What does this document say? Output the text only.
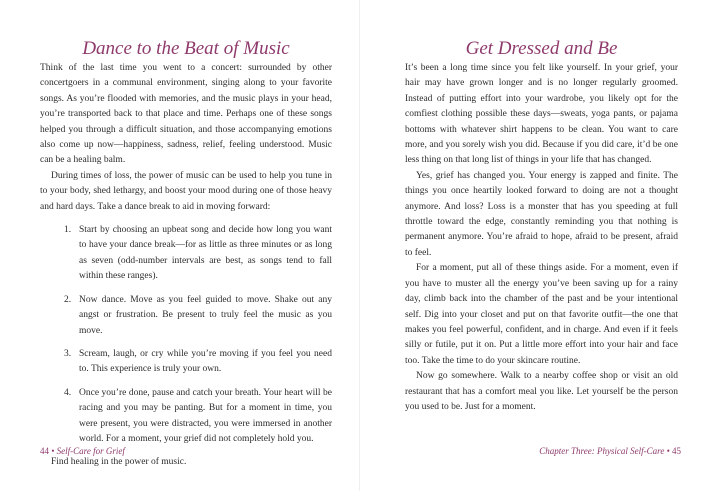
Dance to the Beat of Music

Think of the last time you went to a concert: surrounded by other concertgoers in a communal environment, singing along to your favorite songs. As you’re flooded with memories, and the music plays in your head, you’re transported back to that place and time. Perhaps one of these songs helped you through a difficult situation, and those accompanying emotions also come up now—happiness, sadness, relief, feeling understood. Music can be a healing balm.

During times of loss, the power of music can be used to help you tune in to your body, shed lethargy, and boost your mood during one of those heavy and hard days. Take a dance break to aid in moving forward:

1. Start by choosing an upbeat song and decide how long you want to have your dance break—for as little as three minutes or as long as seven (odd-number intervals are best, as songs tend to fall within these ranges).
2. Now dance. Move as you feel guided to move. Shake out any angst or frustration. Be present to truly feel the music as you move.
3. Scream, laugh, or cry while you’re moving if you feel you need to. This experience is truly your own.
4. Once you’re done, pause and catch your breath. Your heart will be racing and you may be panting. But for a moment in time, you were present, you were distracted, you were immersed in another world. For a moment, your grief did not completely hold you.

Find healing in the power of music.

44 • Self-Care for Grief
Get Dressed and Be

It’s been a long time since you felt like yourself. In your grief, your hair may have grown longer and is no longer regularly groomed. Instead of putting effort into your wardrobe, you likely opt for the comfiest clothing possible these days—sweats, yoga pants, or pajama bottoms with whatever shirt happens to be clean. You want to care more, and you sorely wish you did. Because if you did care, it’d be one less thing on that long list of things in your life that has changed.

Yes, grief has changed you. Your energy is zapped and finite. The things you once heartily looked forward to doing are not a thought anymore. And loss? Loss is a monster that has you speeding at full throttle toward the edge, constantly reminding you that nothing is permanent anymore. You’re afraid to hope, afraid to be present, afraid to feel.

For a moment, put all of these things aside. For a moment, even if you have to muster all the energy you’ve been saving up for a rainy day, climb back into the chamber of the past and be your intentional self. Dig into your closet and put on that favorite outfit—the one that makes you feel powerful, confident, and in charge. And even if it feels silly or futile, put it on. Put a little more effort into your hair and face too. Take the time to do your skincare routine.

Now go somewhere. Walk to a nearby coffee shop or visit an old restaurant that has a comfort meal you like. Let yourself be the person you used to be. Just for a moment.

Chapter Three: Physical Self-Care • 45
